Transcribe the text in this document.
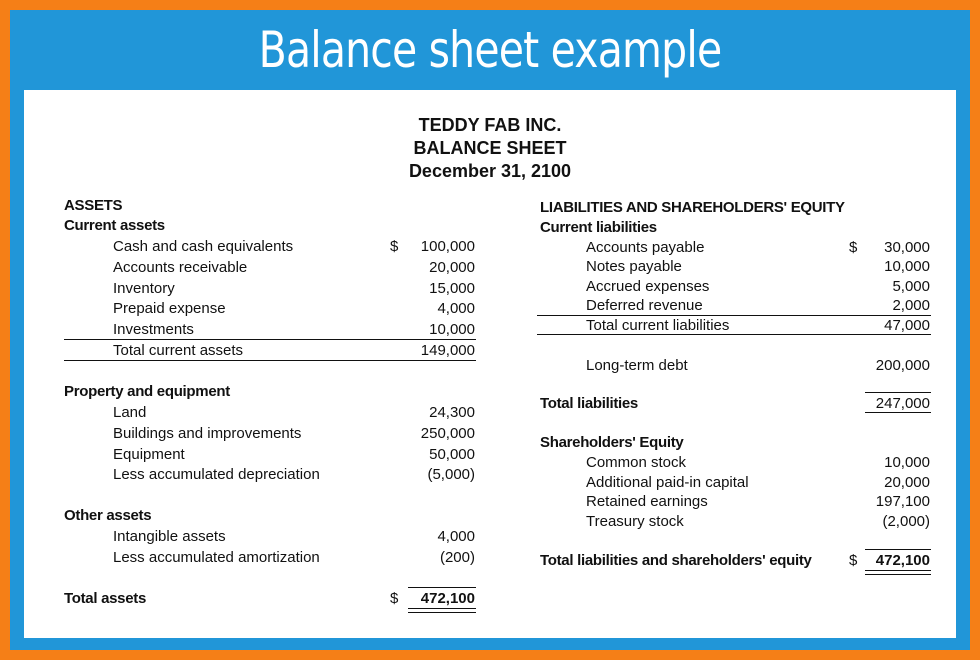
Balance sheet example
TEDDY FAB INC.
BALANCE SHEET
December 31, 2100
ASSETS
Current assets
Cash and cash equivalents	$	100,000
Accounts receivable	20,000
Inventory	15,000
Prepaid expense	4,000
Investments	10,000
Total current assets	149,000
Property and equipment
Land	24,300
Buildings and improvements	250,000
Equipment	50,000
Less accumulated depreciation	(5,000)
Other assets
Intangible assets	4,000
Less accumulated amortization	(200)
Total assets	$	472,100
LIABILITIES AND SHAREHOLDERS' EQUITY
Current liabilities
Accounts payable	$	30,000
Notes payable	10,000
Accrued expenses	5,000
Deferred revenue	2,000
Total current liabilities	47,000
Long-term debt	200,000
Total liabilities	247,000
Shareholders' Equity
Common stock	10,000
Additional paid-in capital	20,000
Retained earnings	197,100
Treasury stock	(2,000)
Total liabilities and shareholders' equity $	472,100
